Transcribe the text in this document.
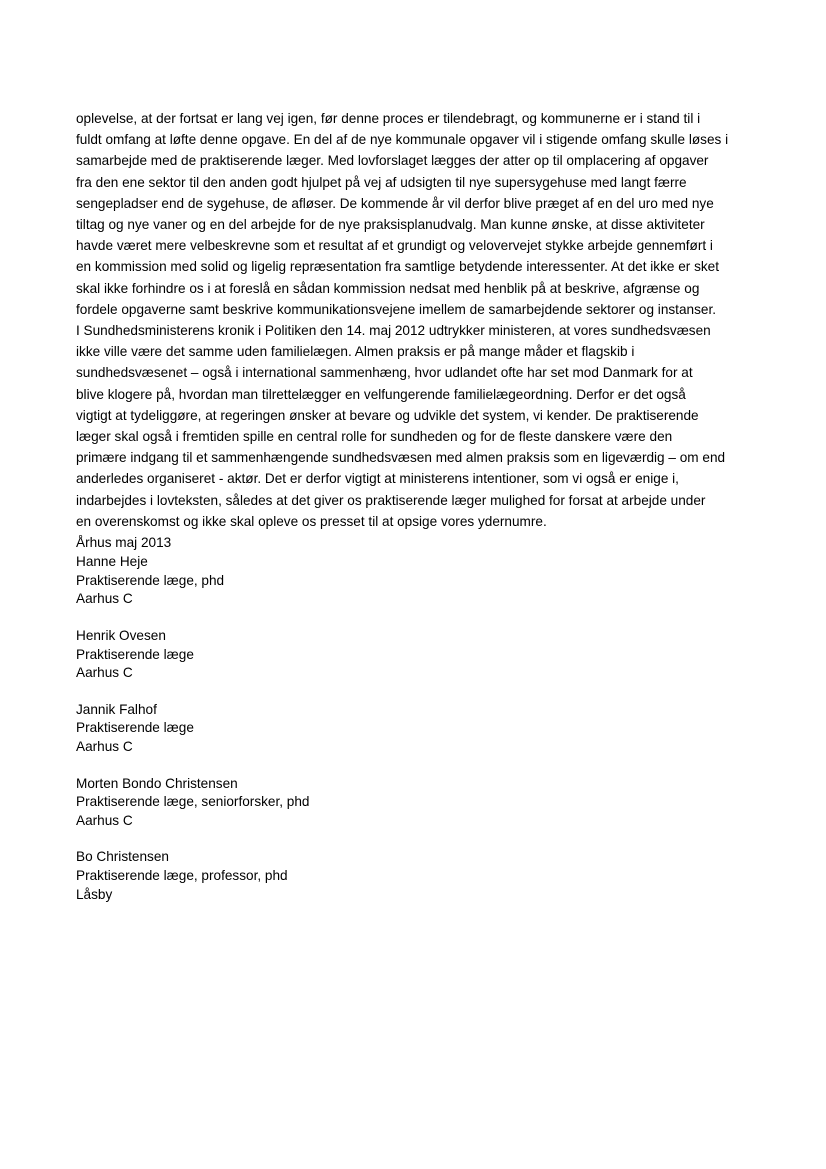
oplevelse, at der fortsat er lang vej igen, før denne proces er tilendebragt, og kommunerne er i stand til i
fuldt omfang at løfte denne opgave. En del af de nye kommunale opgaver vil i stigende omfang skulle løses i
samarbejde med de praktiserende læger. Med lovforslaget lægges der atter op til omplacering af opgaver
fra den ene sektor til den anden godt hjulpet på vej af udsigten til nye supersygehuse med langt færre
sengepladser end de sygehuse, de afløser. De kommende år vil derfor blive præget af en del uro med nye
tiltag og nye vaner og en del arbejde for de nye praksisplanudvalg. Man kunne ønske, at disse aktiviteter
havde været mere velbeskrevne som et resultat af et grundigt og velovervejet stykke arbejde gennemført i
en kommission med solid og ligelig repræsentation fra samtlige betydende interessenter. At det ikke er sket
skal ikke forhindre os i at foreslå en sådan kommission nedsat med henblik på at beskrive, afgrænse og
fordele opgaverne samt beskrive kommunikationsvejene imellem de samarbejdende sektorer og instanser.

I Sundhedsministerens kronik i Politiken den 14. maj 2012 udtrykker ministeren, at vores sundhedsvæsen
ikke ville være det samme uden familielægen. Almen praksis er på mange måder et flagskib i
sundhedsvæsenet – også i international sammenhæng, hvor udlandet ofte har set mod Danmark for at
blive klogere på, hvordan man tilrettelægger en velfungerende familielægeordning. Derfor er det også
vigtigt at tydeliggøre, at regeringen ønsker at bevare og udvikle det system, vi kender. De praktiserende
læger skal også i fremtiden spille en central rolle for sundheden og for de fleste danskere være den
primære indgang til et sammenhængende sundhedsvæsen med almen praksis som en ligeværdig – om end
anderledes organiseret - aktør. Det er derfor vigtigt at ministerens intentioner, som vi også er enige i,
indarbejdes i lovteksten, således at det giver os praktiserende læger mulighed for forsat at arbejde under
en overenskomst og ikke skal opleve os presset til at opsige vores ydernumre.

Århus maj 2013

Hanne Heje
Praktiserende læge, phd
Aarhus C
Henrik Ovesen
Praktiserende læge
Aarhus C
Jannik Falhof
Praktiserende læge
Aarhus C
Morten Bondo Christensen
Praktiserende læge, seniorforsker, phd
Aarhus C
Bo Christensen
Praktiserende læge, professor, phd
Låsby
